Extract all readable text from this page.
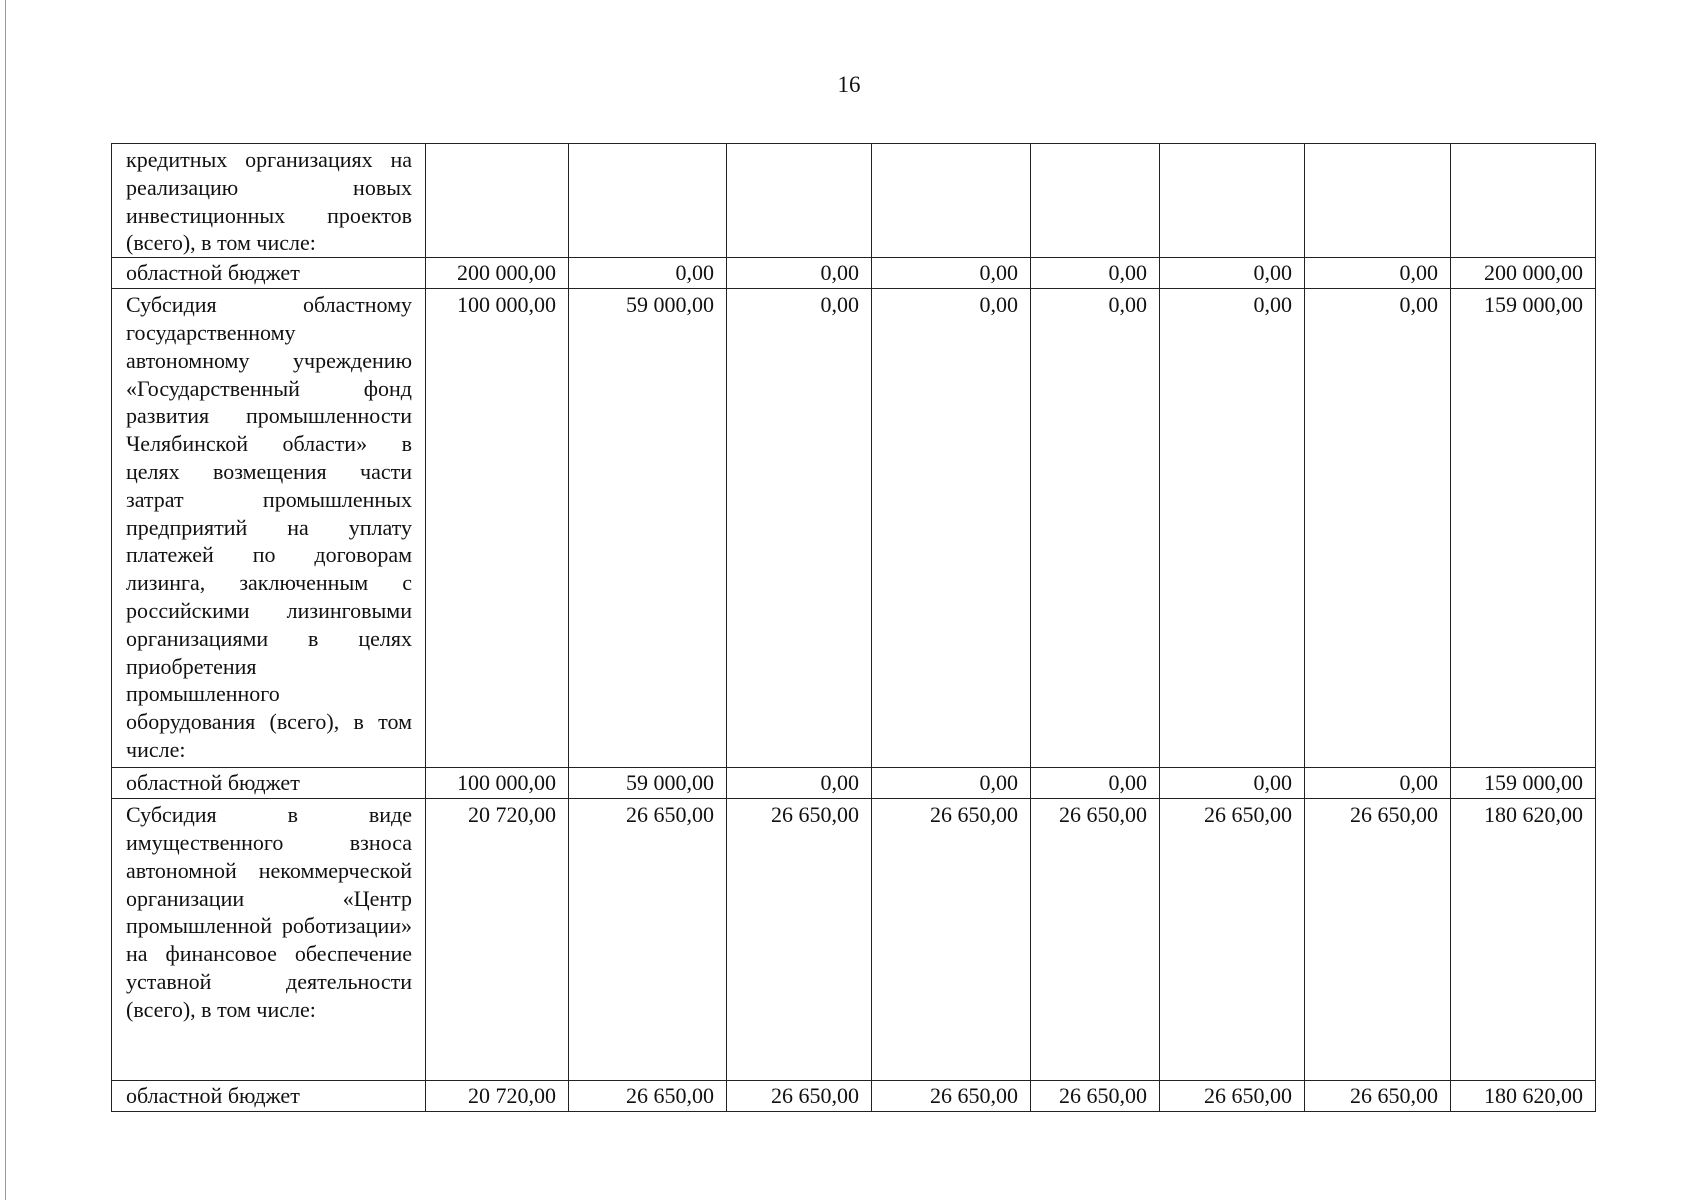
16
кредитных организациях на реализацию новых инвестиционных проектов (всего), в том числе:								
областной бюджет	200 000,00	0,00	0,00	0,00	0,00	0,00	0,00	200 000,00
Субсидия областному государственному автономному учреждению «Государственный фонд развития промышленности Челябинской области» в целях возмещения части затрат промышленных предприятий на уплату платежей по договорам лизинга, заключенным с российскими лизинговыми организациями в целях приобретения промышленного оборудования (всего), в том числе:	100 000,00	59 000,00	0,00	0,00	0,00	0,00	0,00	159 000,00
областной бюджет	100 000,00	59 000,00	0,00	0,00	0,00	0,00	0,00	159 000,00
Субсидия в виде имущественного взноса автономной некоммерческой организации «Центр промышленной роботизации» на финансовое обеспечение уставной деятельности (всего), в том числе:	20 720,00	26 650,00	26 650,00	26 650,00	26 650,00	26 650,00	26 650,00	180 620,00
областной бюджет	20 720,00	26 650,00	26 650,00	26 650,00	26 650,00	26 650,00	26 650,00	180 620,00
